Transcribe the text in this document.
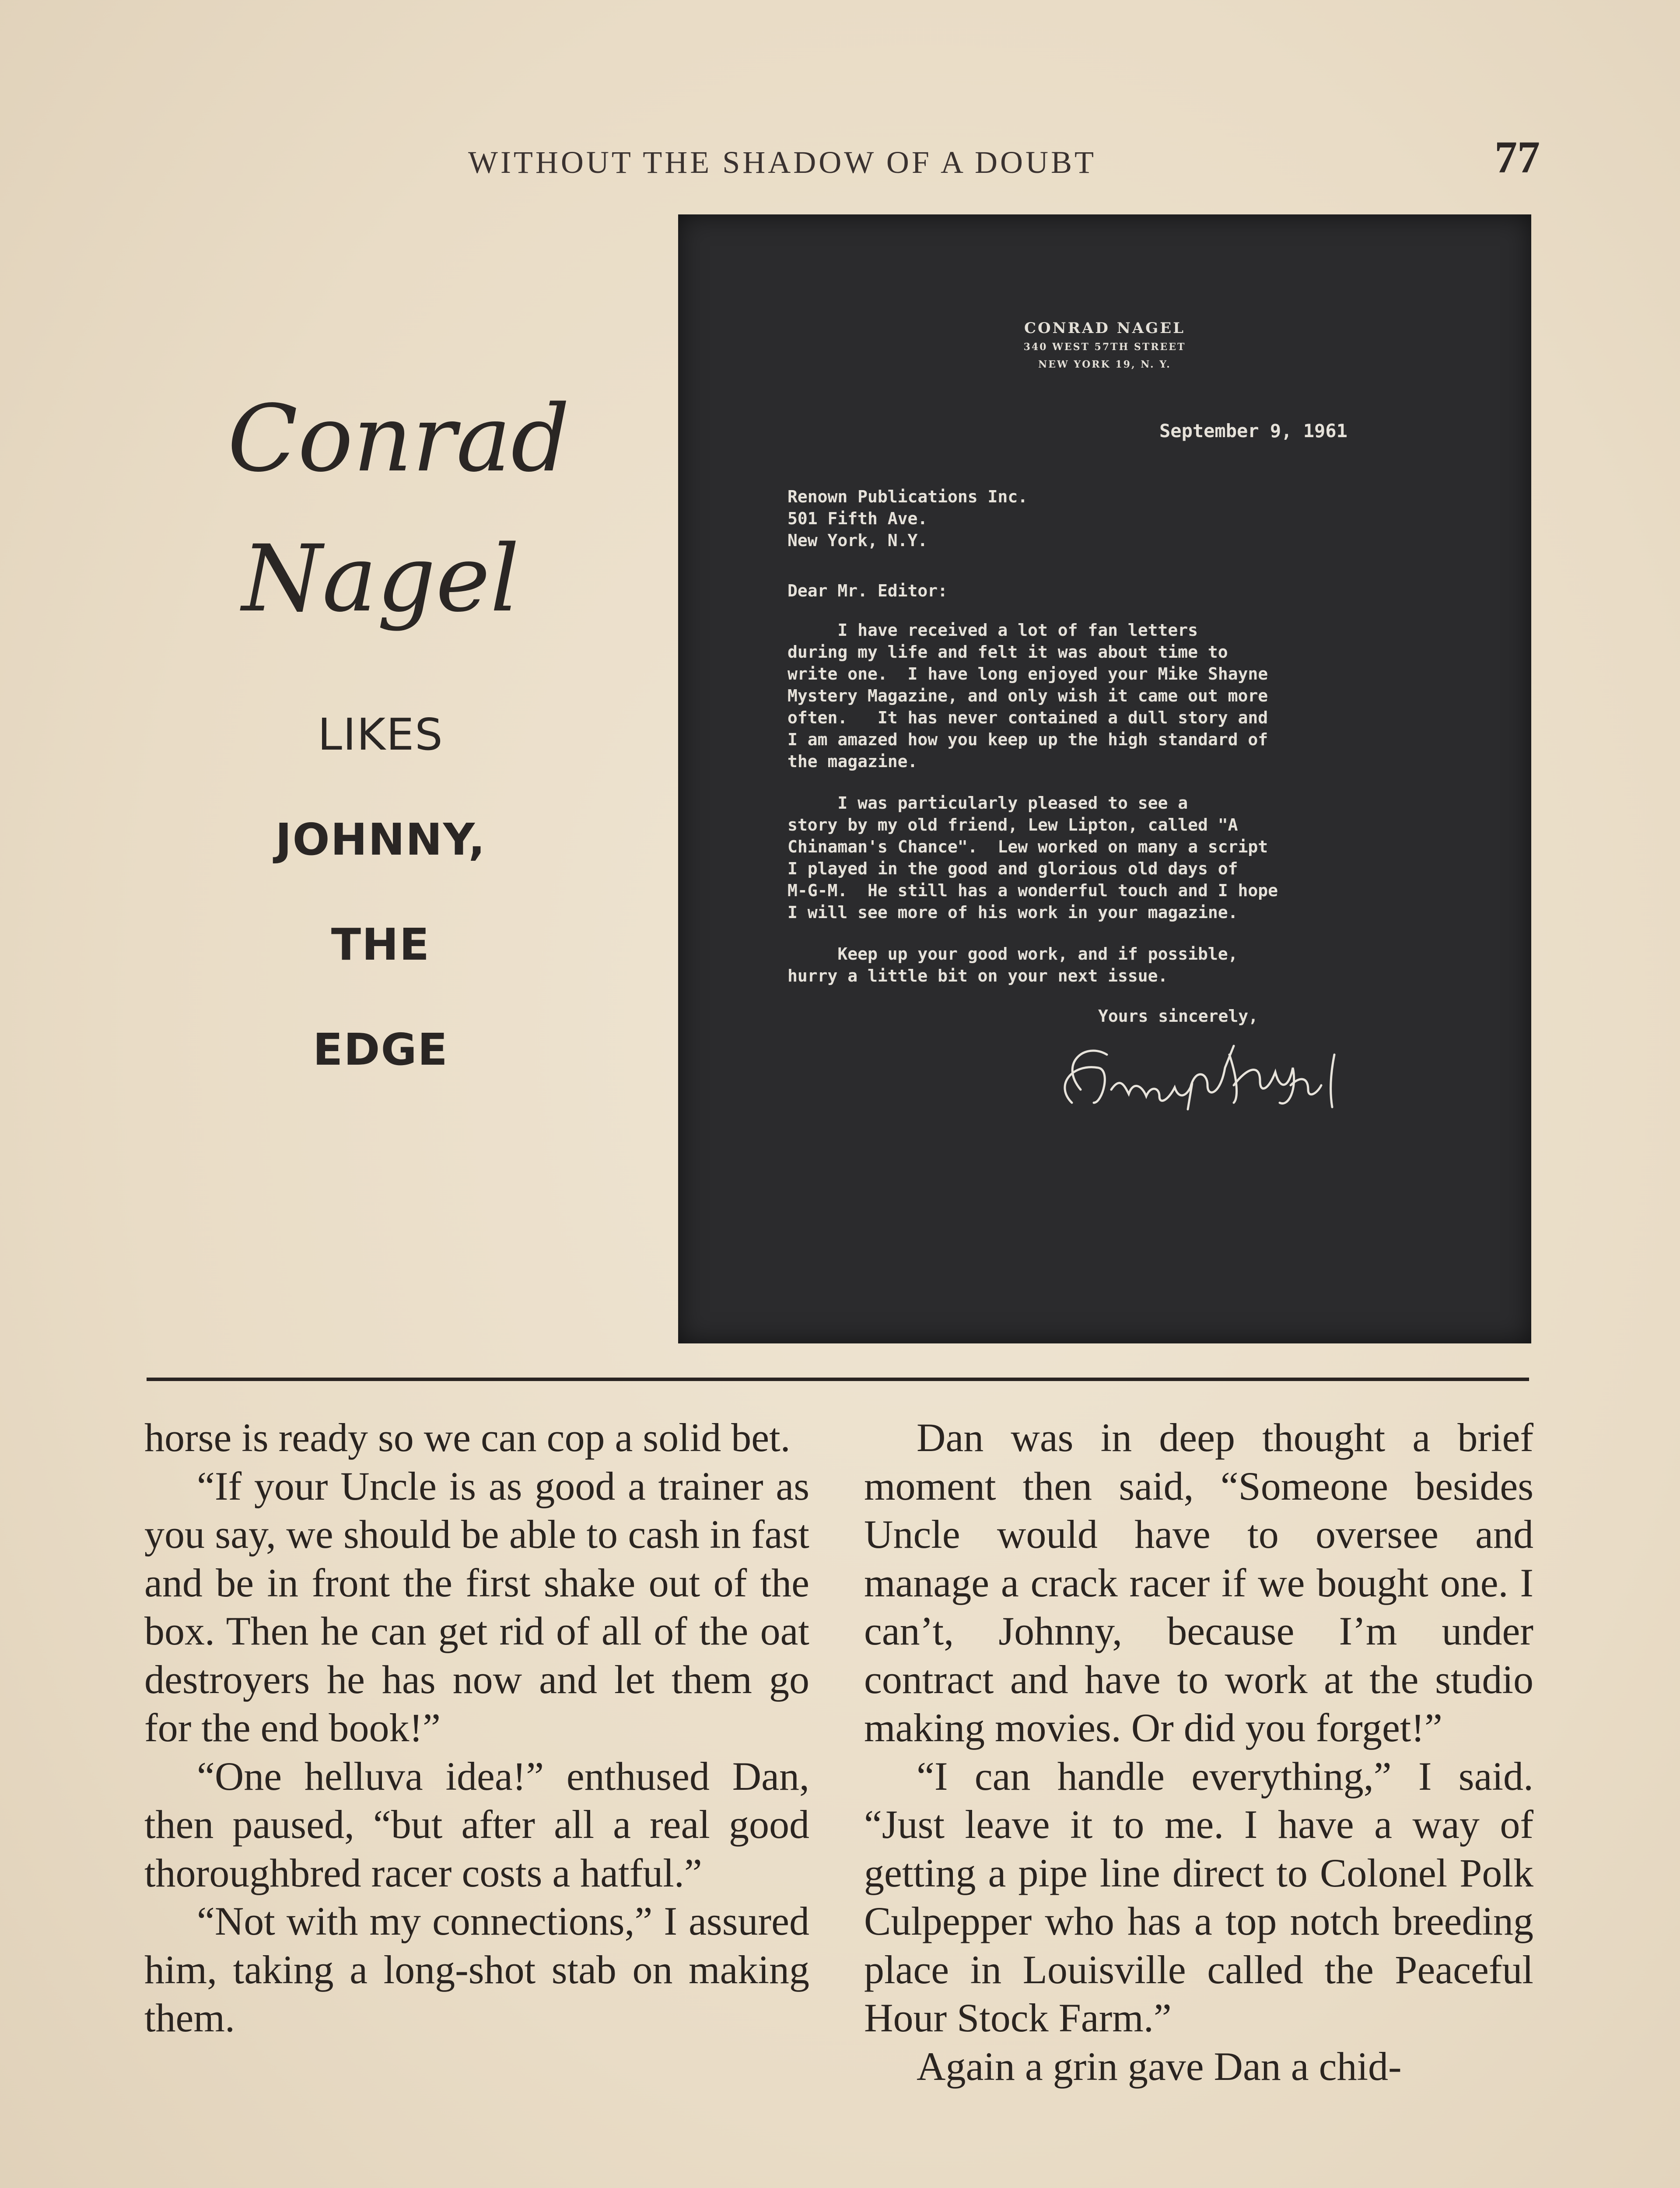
WITHOUT THE SHADOW OF A DOUBT	77
Conrad
Nagel
LIKES
JOHNNY,
THE
EDGE
CONRAD NAGEL
340 WEST 57TH STREET
NEW YORK 19, N. Y.
September 9, 1961
Renown Publications Inc.
501 Fifth Ave.
New York, N.Y.
Dear Mr. Editor:
I have received a lot of fan letters
during my life and felt it was about time to
write one.  I have long enjoyed your Mike Shayne
Mystery Magazine, and only wish it came out more
often.   It has never contained a dull story and
I am amazed how you keep up the high standard of
the magazine.
I was particularly pleased to see a
story by my old friend, Lew Lipton, called "A
Chinaman's Chance".  Lew worked on many a script
I played in the good and glorious old days of
M-G-M.  He still has a wonderful touch and I hope
I will see more of his work in your magazine.
Keep up your good work, and if possible,
hurry a little bit on your next issue.
Yours sincerely,

horse is ready so we can cop a solid bet.

“If your Uncle is as good a trainer as you say, we should be able to cash in fast and be in front the first shake out of the box. Then he can get rid of all of the oat destroyers he has now and let them go for the end book!”

“One helluva idea!” enthused Dan, then paused, “but after all a real good thoroughbred racer costs a hatful.”

“Not with my connections,” I assured him, taking a long-shot stab on making them.

Dan was in deep thought a brief moment then said, “Someone besides Uncle would have to oversee and manage a crack racer if we bought one. I can’t, Johnny, because I’m under contract and have to work at the studio making movies. Or did you forget!”

“I can handle everything,” I said. “Just leave it to me. I have a way of getting a pipe line direct to Colonel Polk Culpepper who has a top notch breeding place in Louisville called the Peaceful Hour Stock Farm.”

Again a grin gave Dan a chid-
